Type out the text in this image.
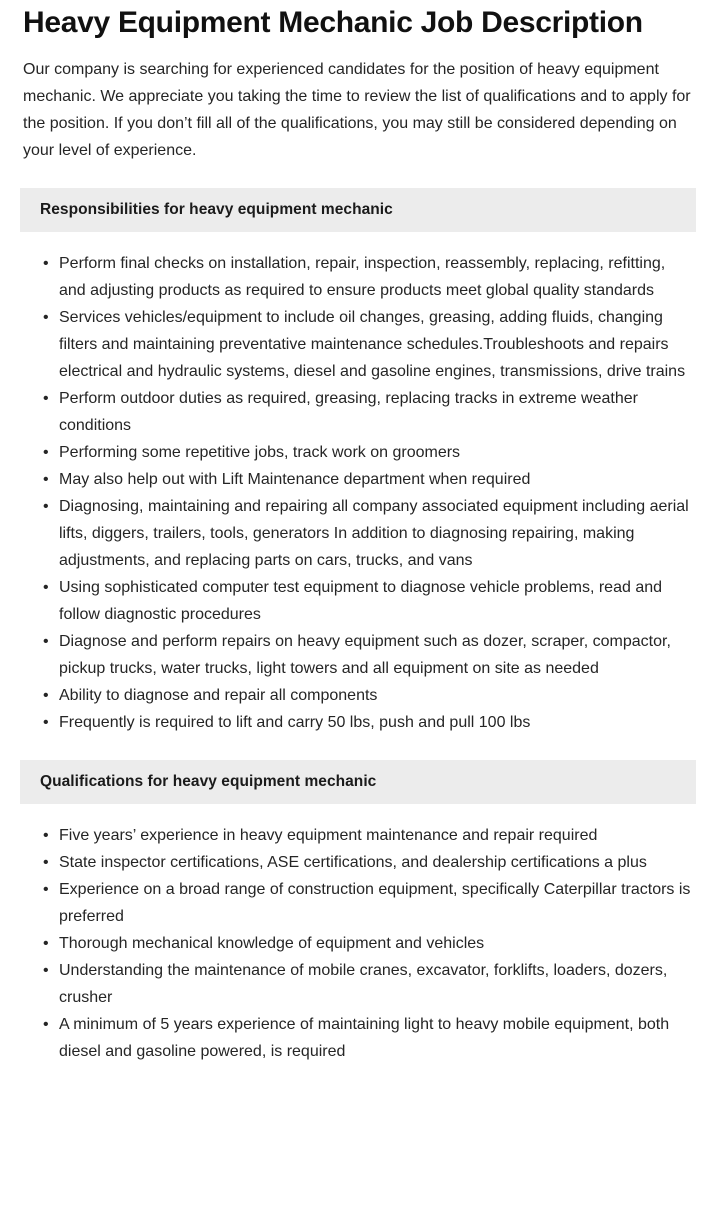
Heavy Equipment Mechanic Job Description

Our company is searching for experienced candidates for the position of heavy equipment mechanic. We appreciate you taking the time to review the list of qualifications and to apply for the position. If you don’t fill all of the qualifications, you may still be considered depending on your level of experience.

Responsibilities for heavy equipment mechanic
• Perform final checks on installation, repair, inspection, reassembly, replacing, refitting, and adjusting products as required to ensure products meet global quality standards
• Services vehicles/equipment to include oil changes, greasing, adding fluids, changing filters and maintaining preventative maintenance schedules.Troubleshoots and repairs electrical and hydraulic systems, diesel and gasoline engines, transmissions, drive trains
• Perform outdoor duties as required, greasing, replacing tracks in extreme weather conditions
• Performing some repetitive jobs, track work on groomers
• May also help out with Lift Maintenance department when required
• Diagnosing, maintaining and repairing all company associated equipment including aerial lifts, diggers, trailers, tools, generators In addition to diagnosing repairing, making adjustments, and replacing parts on cars, trucks, and vans
• Using sophisticated computer test equipment to diagnose vehicle problems, read and follow diagnostic procedures
• Diagnose and perform repairs on heavy equipment such as dozer, scraper, compactor, pickup trucks, water trucks, light towers and all equipment on site as needed
• Ability to diagnose and repair all components
• Frequently is required to lift and carry 50 lbs, push and pull 100 lbs
Qualifications for heavy equipment mechanic
• Five years’ experience in heavy equipment maintenance and repair required
• State inspector certifications, ASE certifications, and dealership certifications a plus
• Experience on a broad range of construction equipment, specifically Caterpillar tractors is preferred
• Thorough mechanical knowledge of equipment and vehicles
• Understanding the maintenance of mobile cranes, excavator, forklifts, loaders, dozers, crusher
• A minimum of 5 years experience of maintaining light to heavy mobile equipment, both diesel and gasoline powered, is required
